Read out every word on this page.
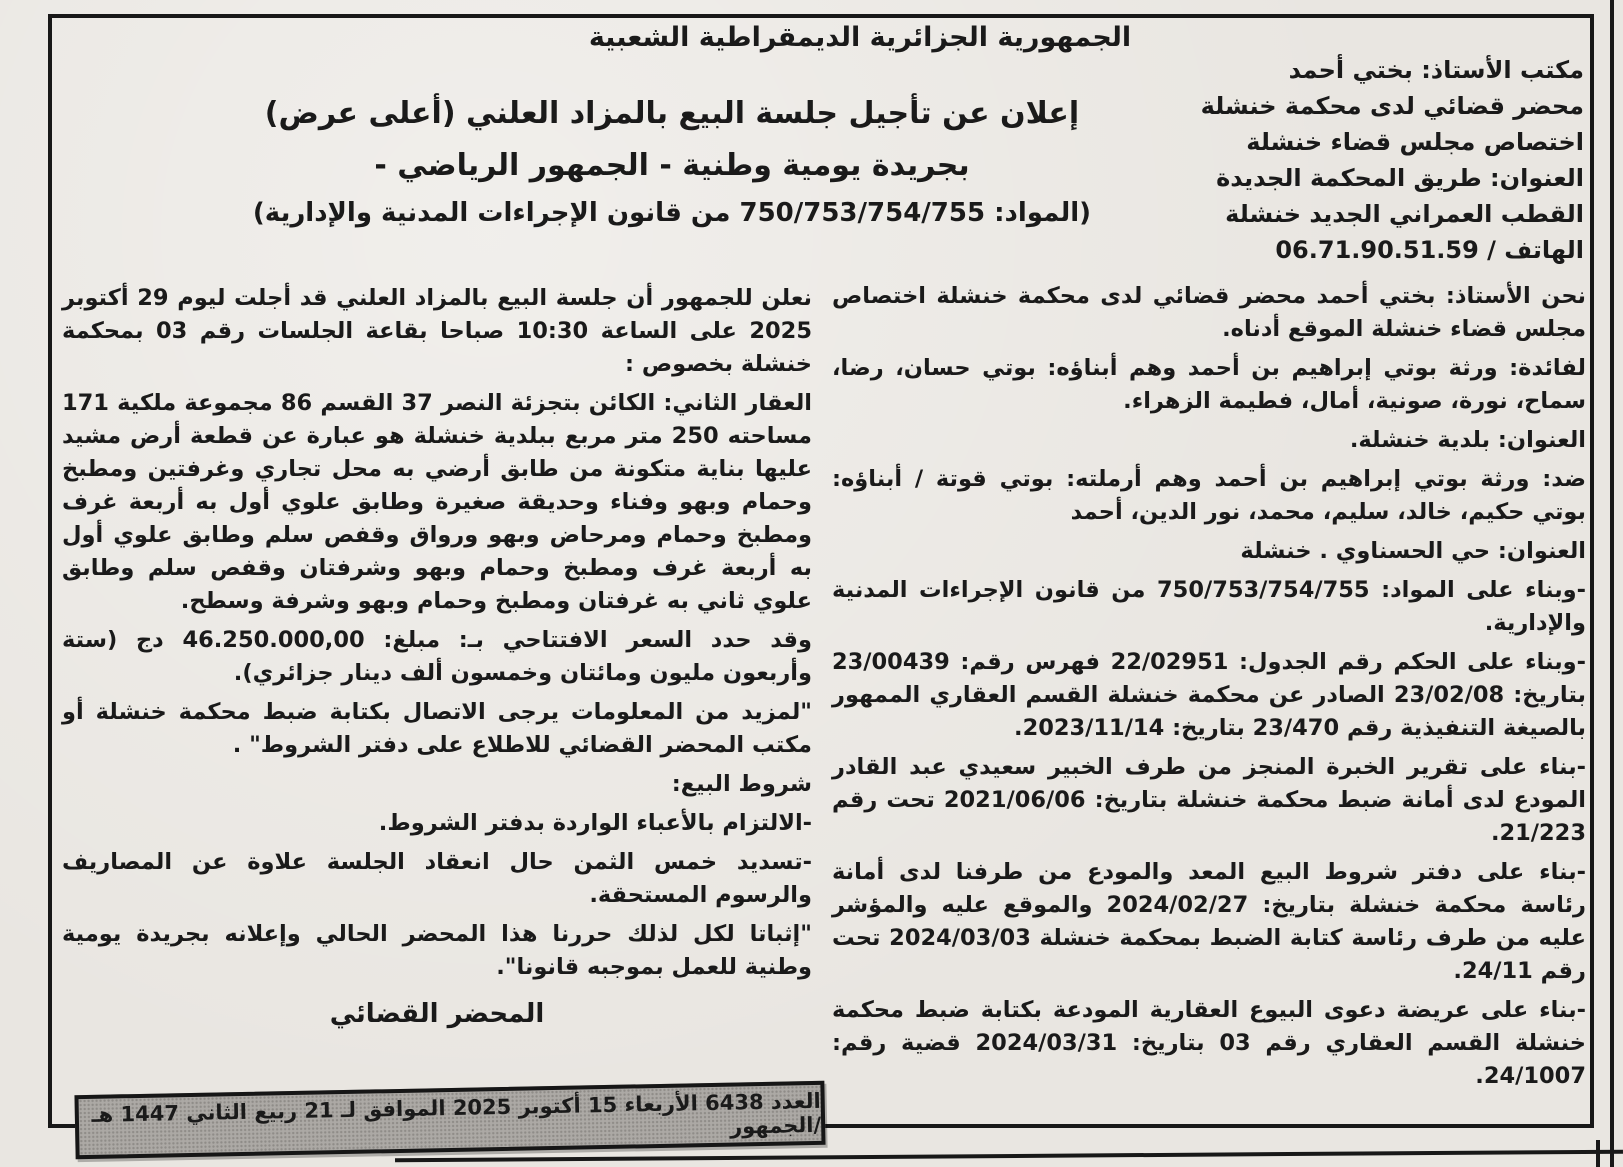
الجمهورية الجزائرية الديمقراطية الشعبية
مكتب الأستاذ: بختي أحمد
محضر قضائي لدى محكمة خنشلة
اختصاص مجلس قضاء خنشلة
العنوان: طريق المحكمة الجديدة
القطب العمراني الجديد خنشلة
الهاتف / 06.71.90.51.59
إعلان عن تأجيل جلسة البيع بالمزاد العلني (أعلى عرض)
بجريدة يومية وطنية - الجمهور الرياضي -
(المواد: 750/753/754/755 من قانون الإجراءات المدنية والإدارية)

نحن الأستاذ: بختي أحمد محضر قضائي لدى محكمة خنشلة اختصاص مجلس قضاء خنشلة الموقع أدناه.

لفائدة: ورثة بوتي إبراهيم بن أحمد وهم أبناؤه: بوتي حسان، رضا، سماح، نورة، صونية، أمال، فطيمة الزهراء.

العنوان: بلدية خنشلة.

ضد: ورثة بوتي إبراهيم بن أحمد وهم أرملته: بوتي قوتة / أبناؤه: بوتي حكيم، خالد، سليم، محمد، نور الدين، أحمد

العنوان: حي الحسناوي . خنشلة

-وبناء على المواد: 750/753/754/755 من قانون الإجراءات المدنية والإدارية.

-وبناء على الحكم رقم الجدول: 22/02951 فهرس رقم: 23/00439 بتاريخ: 23/02/08 الصادر عن محكمة خنشلة القسم العقاري الممهور بالصيغة التنفيذية رقم 23/470 بتاريخ: 2023/11/14.

-بناء على تقرير الخبرة المنجز من طرف الخبير سعيدي عبد القادر المودع لدى أمانة ضبط محكمة خنشلة بتاريخ: 2021/06/06 تحت رقم 21/223.

-بناء على دفتر شروط البيع المعد والمودع من طرفنا لدى أمانة رئاسة محكمة خنشلة بتاريخ: 2024/02/27 والموقع عليه والمؤشر عليه من طرف رئاسة كتابة الضبط بمحكمة خنشلة 2024/03/03 تحت رقم 24/11.

-بناء على عريضة دعوى البيوع العقارية المودعة بكتابة ضبط محكمة خنشلة القسم العقاري رقم 03 بتاريخ: 2024/03/31 قضية رقم: 24/1007.

نعلن للجمهور أن جلسة البيع بالمزاد العلني قد أجلت ليوم 29 أكتوبر 2025 على الساعة 10:30 صباحا بقاعة الجلسات رقم 03 بمحكمة خنشلة بخصوص :

العقار الثاني: الكائن بتجزئة النصر 37 القسم 86 مجموعة ملكية 171 مساحته 250 متر مربع ببلدية خنشلة هو عبارة عن قطعة أرض مشيد عليها بناية متكونة من طابق أرضي به محل تجاري وغرفتين ومطبخ وحمام وبهو وفناء وحديقة صغيرة وطابق علوي أول به أربعة غرف ومطبخ وحمام ومرحاض وبهو ورواق وقفص سلم وطابق علوي أول به أربعة غرف ومطبخ وحمام وبهو وشرفتان وقفص سلم وطابق علوي ثاني به غرفتان ومطبخ وحمام وبهو وشرفة وسطح.

وقد حدد السعر الافتتاحي بـ: مبلغ: 46.250.000,00 دج (ستة وأربعون مليون ومائتان وخمسون ألف دينار جزائري).

"لمزيد من المعلومات يرجى الاتصال بكتابة ضبط محكمة خنشلة أو مكتب المحضر القضائي للاطلاع على دفتر الشروط" .

شروط البيع:

-الالتزام بالأعباء الواردة بدفتر الشروط.

-تسديد خمس الثمن حال انعقاد الجلسة علاوة عن المصاريف والرسوم المستحقة.

"إثباتا لكل لذلك حررنا هذا المحضر الحالي وإعلانه بجريدة يومية وطنية للعمل بموجبه قانونا".

المحضر القضائي
العدد 6438 الأربعاء 15 أكتوبر 2025 الموافق لـ 21 ربيع الثاني 1447 هـ /الجمهور
